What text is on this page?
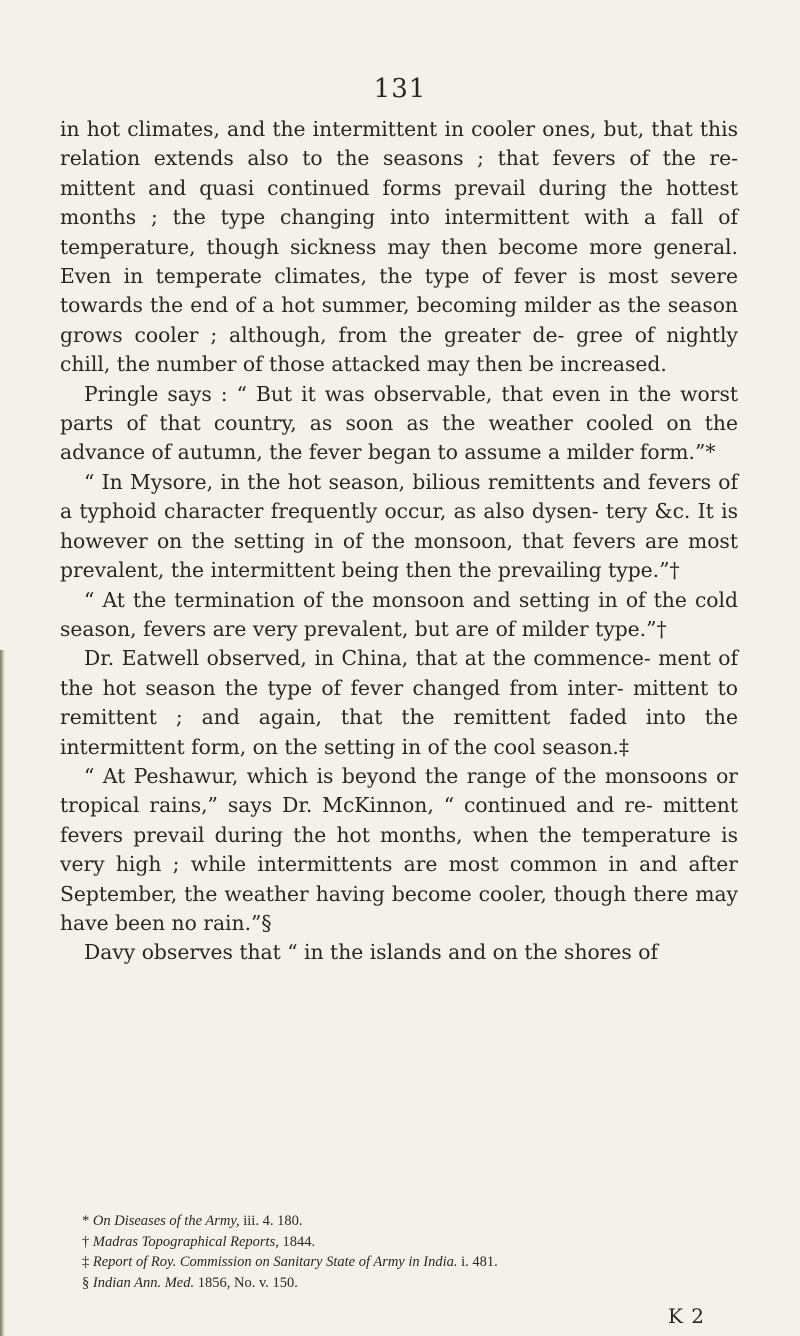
131

in hot climates, and the intermittent in cooler ones, but, that this relation extends also to the seasons ; that fevers of the re- mittent and quasi continued forms prevail during the hottest months ; the type changing into intermittent with a fall of temperature, though sickness may then become more general. Even in temperate climates, the type of fever is most severe towards the end of a hot summer, becoming milder as the season grows cooler ; although, from the greater de- gree of nightly chill, the number of those attacked may then be increased.

Pringle says : “ But it was observable, that even in the worst parts of that country, as soon as the weather cooled on the advance of autumn, the fever began to assume a milder form.”*

“ In Mysore, in the hot season, bilious remittents and fevers of a typhoid character frequently occur, as also dysen- tery &c. It is however on the setting in of the monsoon, that fevers are most prevalent, the intermittent being then the prevailing type.”†

“ At the termination of the monsoon and setting in of the cold season, fevers are very prevalent, but are of milder type.”†

Dr. Eatwell observed, in China, that at the commence- ment of the hot season the type of fever changed from inter- mittent to remittent ; and again, that the remittent faded into the intermittent form, on the setting in of the cool season.‡

“ At Peshawur, which is beyond the range of the monsoons or tropical rains,” says Dr. McKinnon, “ continued and re- mittent fevers prevail during the hot months, when the temperature is very high ; while intermittents are most common in and after September, the weather having become cooler, though there may have been no rain.”§

Davy observes that “ in the islands and on the shores of

* On Diseases of the Army, iii. 4. 180.

† Madras Topographical Reports, 1844.

‡ Report of Roy. Commission on Sanitary State of Army in India. i. 481.

§ Indian Ann. Med. 1856, No. v. 150.

K 2
